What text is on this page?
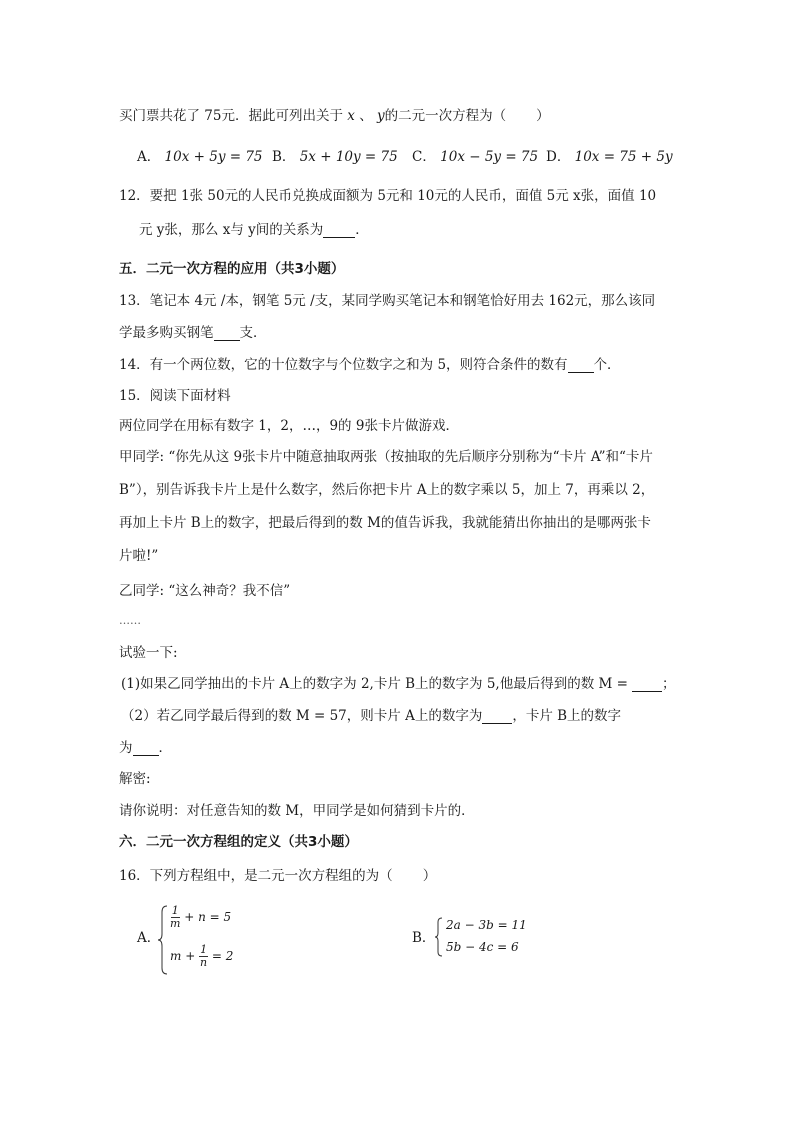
买门票共花了 75元．据此可列出关于 x 、 y的二元一次方程为（ ）
A． 10x + 5y = 75 B． 5x + 10y = 75 C． 10x − 5y = 75 D． 10x = 75 + 5y
12．要把 1张 50元的人民币兑换成面额为 5元和 10元的人民币，面值 5元 x张，面值 10
元 y张，那么 x与 y间的关系为 ．
五．二元一次方程的应用（共3小题）
13．笔记本 4元 /本，钢笔 5元 /支，某同学购买笔记本和钢笔恰好用去 162元，那么该同
学最多购买钢笔 支．
14．有一个两位数，它的十位数字与个位数字之和为 5，则符合条件的数有 个．
15．阅读下面材料
两位同学在用标有数字 1，2，…，9的 9张卡片做游戏．
甲同学: “你先从这 9张卡片中随意抽取两张（按抽取的先后顺序分别称为“卡片 A”和“卡片
B”），别告诉我卡片上是什么数字，然后你把卡片 A上的数字乘以 5，加上 7，再乘以 2，
再加上卡片 B上的数字，把最后得到的数 M的值告诉我，我就能猜出你抽出的是哪两张卡
片啦!”
乙同学: “这么神奇？我不信”
……
试验一下:
(1)如果乙同学抽出的卡片 A上的数字为 2,卡片 B上的数字为 5,他最后得到的数 M =	；
（2）若乙同学最后得到的数 M = 57，则卡片 A上的数字为 ，卡片 B上的数字
为 ．
解密:
请你说明：对任意告知的数 M，甲同学是如何猜到卡片的．
六．二元一次方程组的定义（共3小题）
16．下列方程组中，是二元一次方程组的为（ ）
A．
$\frac{1}{m} + n = 5$
$m + \frac{1}{n} = 2$
B．
2a − 3b = 11
5b − 4c = 6
